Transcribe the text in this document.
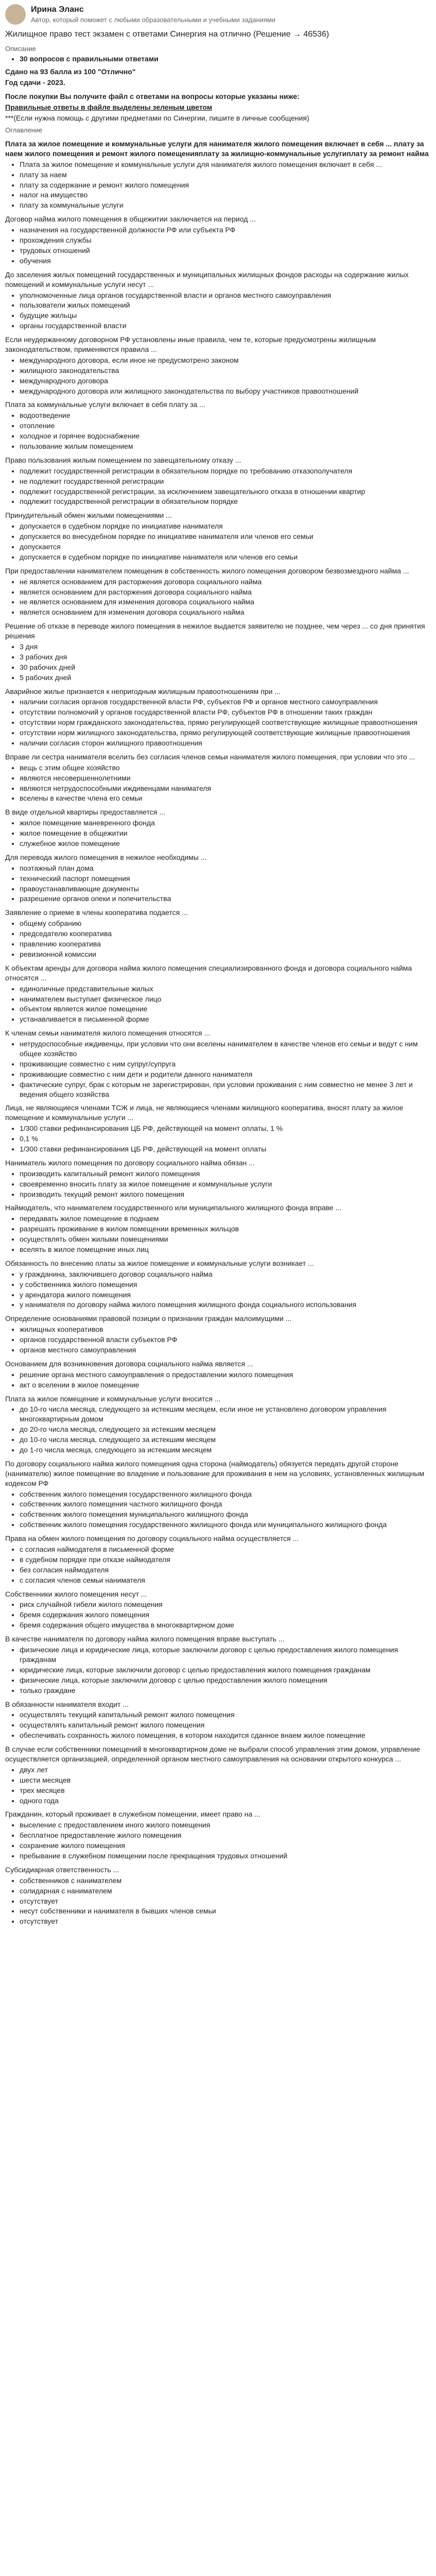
Ирина Эланс
Автор, который поможет с любыми образовательными и учебными заданиями
Жилищное право тест экзамен с ответами Синергия на отлично (Решение → 46536)
Описание
• 30 вопросов с правильными ответами

Сдано на 93 балла из 100 "Отлично"

Год сдачи - 2023.

После покупки Вы получите файл с ответами на вопросы которые указаны ниже:

Правильные ответы в файле выделены зеленым цветом

***(Если нужна помощь с другими предметами по Синергии, пишите в личные сообщения)

Оглавление

Плата за жилое помещение и коммунальные услуги для нанимателя жилого помещения включает в себя ... плату за наем жилого помещения и ремонт жилого помещенияплату за жилищно-коммунальные услугиплату за ремонт найма

• Плата за жилое помещение и коммунальные услуги для нанимателя жилого помещения включает в себя ...
• плату за наем
• плату за содержание и ремонт жилого помещения
• налог на имущество
• плату за коммунальные услуги

Договор найма жилого помещения в общежитии заключается на период ...

• назначения на государственной должности РФ или субъекта РФ
• прохождения службы
• трудовых отношений
• обучения

До заселения жилых помещений государственных и муниципальных жилищных фондов расходы на содержание жилых помещений и коммунальные услуги несут ...

• уполномоченные лица органов государственной власти и органов местного самоуправления
• пользователи жилых помещений
• будущие жильцы
• органы государственной власти

Если неудержанному договорном РФ установлены иные правила, чем те, которые предусмотрены жилищным законодательством, применяются правила ...

• международного договора, если иное не предусмотрено законом
• жилищного законодательства
• международного договора
• международного договора или жилищного законодательства по выбору участников правоотношений

Плата за коммунальные услуги включает в себя плату за ...

• водоотведение
• отопление
• холодное и горячее водоснабжение
• пользование жилым помещением

Право пользования жилым помещением по завещательному отказу ...

• подлежит государственной регистрации в обязательном порядке по требованию отказополучателя
• не подлежит государственной регистрации
• подлежит государственной регистрации, за исключением завещательного отказа в отношении квартир
• подлежит государственной регистрации в обязательном порядке

Принудительный обмен жилыми помещениями ...

• допускается в судебном порядке по инициативе нанимателя
• допускается во внесудебном порядке по инициативе нанимателя или членов его семьи
• допускается
• допускается в судебном порядке по инициативе нанимателя или членов его семьи

При предоставлении нанимателем помещения в собственность жилого помещения договором безвозмездного найма ...

• не является основанием для расторжения договора социального найма
• является основанием для расторжения договора социального найма
• не является основанием для изменения договора социального найма
• является основанием для изменения договора социального найма

Решение об отказе в переводе жилого помещения в нежилое выдается заявителю не позднее, чем через ... со дня принятия решения

• 3 дня
• 3 рабочих дня
• 30 рабочих дней
• 5 рабочих дней

Аварийное жилье признается к непригодным жилищным правоотношениям при ...

• наличии согласия органов государственной власти РФ, субъектов РФ и органов местного самоуправления
• отсутствии полномочий у органов государственной власти РФ, субъектов РФ в отношении таких граждан
• отсутствии норм гражданского законодательства, прямо регулирующей соответствующие жилищные правоотношения
• отсутствии норм жилищного законодательства, прямо регулирующей соответствующие жилищные правоотношения
• наличии согласия сторон жилищного правоотношения

Вправе ли сестра нанимателя вселить без согласия членов семьи нанимателя жилого помещения, при условии что это ...

• вещь с этим общее хозяйство
• являются несовершеннолетними
• являются нетрудоспособными иждивенцами нанимателя
• вселены в качестве члена его семьи

В виде отдельной квартиры предоставляется ...

• жилое помещение маневренного фонда
• жилое помещение в общежитии
• служебное жилое помещение

Для перевода жилого помещения в нежилое необходимы ...

• поэтажный план дома
• технический паспорт помещения
• правоустанавливающие документы
• разрешение органов опеки и попечительства

Заявление о приеме в члены кооператива подается ...

• общему собранию
• председателю кооператива
• правлению кооператива
• ревизионной комиссии

К объектам аренды для договора найма жилого помещения специализированного фонда и договора социального найма относятся ...

• единоличные представительные жилых
• нанимателем выступает физическое лицо
• объектом является жилое помещение
• устанавливается в письменной форме

К членам семьи нанимателя жилого помещения относятся ...

• нетрудоспособные иждивенцы, при условии что они вселены нанимателем в качестве членов его семьи и ведут с ним общее хозяйство
• проживающие совместно с ним супруг/супруга
• проживающие совместно с ним дети и родители данного нанимателя
• фактические супруг, брак с которым не зарегистрирован, при условии проживания с ним совместно не менее 3 лет и ведения общего хозяйства

Лица, не являющиеся членами ТСЖ и лица, не являющиеся членами жилищного кооператива, вносят плату за жилое помещение и коммунальные услуги ...

• 1/300 ставки рефинансирования ЦБ РФ, действующей на момент оплаты, 1 %
• 0,1 %
• 1/300 ставки рефинансирования ЦБ РФ, действующей на момент оплаты

Наниматель жилого помещения по договору социального найма обязан ...

• производить капитальный ремонт жилого помещения
• своевременно вносить плату за жилое помещение и коммунальные услуги
• производить текущий ремонт жилого помещения

Наймодатель, что нанимателем государственного или муниципального жилищного фонда вправе ...

• передавать жилое помещение в поднаем
• разрешать проживание в жилом помещении временных жильцов
• осуществлять обмен жилыми помещениями
• вселять в жилое помещение иных лиц

Обязанность по внесению платы за жилое помещение и коммунальные услуги возникает ...

• у гражданина, заключившего договор социального найма
• у собственника жилого помещения
• у арендатора жилого помещения
• у нанимателя по договору найма жилого помещения жилищного фонда социального использования

Определение основаниями правовой позиции о признании граждан малоимущими ...

• жилищных кооперативов
• органов государственной власти субъектов РФ
• органов местного самоуправления

Основанием для возникновения договора социального найма является ...

• решение органа местного самоуправления о предоставлении жилого помещения
• акт о вселении в жилое помещение

Плата за жилое помещение и коммунальные услуги вносится ...

• до 10-го числа месяца, следующего за истекшим месяцем, если иное не установлено договором управления многоквартирным домом
• до 20-го числа месяца, следующего за истекшим месяцем
• до 10-го числа месяца, следующего за истекшим месяцем
• до 1-го числа месяца, следующего за истекшим месяцем

По договору социального найма жилого помещения одна сторона (наймодатель) обязуется передать другой стороне (нанимателю) жилое помещение во владение и пользование для проживания в нем на условиях, установленных жилищным кодексом РФ

• собственник жилого помещения государственного жилищного фонда
• собственник жилого помещения частного жилищного фонда
• собственник жилого помещения муниципального жилищного фонда
• собственник жилого помещения государственного жилищного фонда или муниципального жилищного фонда

Права на обмен жилого помещения по договору социального найма осуществляется ...

• с согласия наймодателя в письменной форме
• в судебном порядке при отказе наймодателя
• без согласия наймодателя
• с согласия членов семьи нанимателя

Собственники жилого помещения несут ...

• риск случайной гибели жилого помещения
• бремя содержания жилого помещения
• бремя содержания общего имущества в многоквартирном доме

В качестве нанимателя по договору найма жилого помещения вправе выступать ...

• физические лица и юридические лица, которые заключили договор с целью предоставления жилого помещения гражданам
• юридические лица, которые заключили договор с целью предоставления жилого помещения гражданам
• физические лица, которые заключили договор с целью предоставления жилого помещения
• только граждане

В обязанности нанимателя входит ...

• осуществлять текущий капитальный ремонт жилого помещения
• осуществлять капитальный ремонт жилого помещения
• обеспечивать сохранность жилого помещения, в котором находится сданное внаем жилое помещение

В случае если собственники помещений в многоквартирном доме не выбрали способ управления этим домом, управление осуществляется организацией, определенной органом местного самоуправления на основании открытого конкурса ...

• двух лет
• шести месяцев
• трех месяцев
• одного года

Гражданин, который проживает в служебном помещении, имеет право на ...

• выселение с предоставлением иного жилого помещения
• бесплатное предоставление жилого помещения
• сохранение жилого помещения
• пребывание в служебном помещении после прекращения трудовых отношений

Субсидиарная ответственность ...

• собственников с нанимателем
• солидарная с нанимателем
• отсутствует
• несут собственники и нанимателя в бывших членов семьи
• отсутствует
